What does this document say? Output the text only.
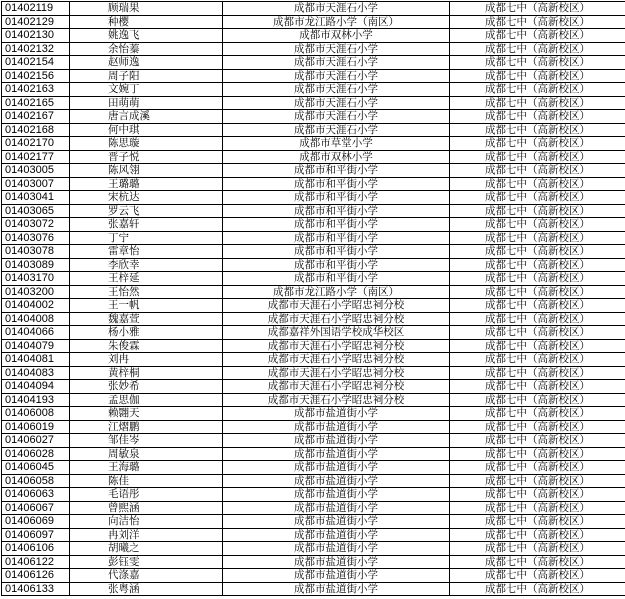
01402119	顾瑞果	成都市天涯石小学	成都七中（高新校区）
01402129	种樱	成都市龙江路小学（南区）	成都七中（高新校区）
01402130	姚逸飞	成都市双林小学	成都七中（高新校区）
01402132	余怡蓁	成都市天涯石小学	成都七中（高新校区）
01402154	赵师逸	成都市天涯石小学	成都七中（高新校区）
01402156	周子阳	成都市天涯石小学	成都七中（高新校区）
01402163	文婉丁	成都市天涯石小学	成都七中（高新校区）
01402165	田萌萌	成都市天涯石小学	成都七中（高新校区）
01402167	唐言成溪	成都市天涯石小学	成都七中（高新校区）
01402168	何中琪	成都市天涯石小学	成都七中（高新校区）
01402170	陈思璇	成都市草堂小学	成都七中（高新校区）
01402177	晋子悦	成都市双林小学	成都七中（高新校区）
01403005	陈风翎	成都市和平街小学	成都七中（高新校区）
01403007	王璐璐	成都市和平街小学	成都七中（高新校区）
01403041	宋杭达	成都市和平街小学	成都七中（高新校区）
01403065	罗云飞	成都市和平街小学	成都七中（高新校区）
01403072	张嘉轩	成都市和平街小学	成都七中（高新校区）
01403076	丁宁	成都市和平街小学	成都七中（高新校区）
01403078	雷章怡	成都市和平街小学	成都七中（高新校区）
01403089	李欣幸	成都市和平街小学	成都七中（高新校区）
01403170	王梓延	成都市和平街小学	成都七中（高新校区）
01403200	王怡然	成都市龙江路小学（南区）	成都七中（高新校区）
01404002	王一帆	成都市天涯石小学昭忠祠分校	成都七中（高新校区）
01404008	魏嘉萱	成都市天涯石小学昭忠祠分校	成都七中（高新校区）
01404066	杨小雅	成都嘉祥外国语学校成华校区	成都七中（高新校区）
01404079	朱俊霖	成都市天涯石小学昭忠祠分校	成都七中（高新校区）
01404081	刘冉	成都市天涯石小学昭忠祠分校	成都七中（高新校区）
01404083	黄梓桐	成都市天涯石小学昭忠祠分校	成都七中（高新校区）
01404094	张妙希	成都市天涯石小学昭忠祠分校	成都七中（高新校区）
01404193	孟思伽	成都市天涯石小学昭忠祠分校	成都七中（高新校区）
01406008	赖翾天	成都市盐道街小学	成都七中（高新校区）
01406019	江熠鹏	成都市盐道街小学	成都七中（高新校区）
01406027	邹佳岑	成都市盐道街小学	成都七中（高新校区）
01406028	周敏泉	成都市盐道街小学	成都七中（高新校区）
01406045	王海璐	成都市盐道街小学	成都七中（高新校区）
01406058	陈佳	成都市盐道街小学	成都七中（高新校区）
01406063	毛语彤	成都市盐道街小学	成都七中（高新校区）
01406067	曾熙涵	成都市盐道街小学	成都七中（高新校区）
01406069	向洁怡	成都市盐道街小学	成都七中（高新校区）
01406097	冉刘洋	成都市盐道街小学	成都七中（高新校区）
01406106	胡曦之	成都市盐道街小学	成都七中（高新校区）
01406122	彭钰雯	成都市盐道街小学	成都七中（高新校区）
01406126	代涤嘉	成都市盐道街小学	成都七中（高新校区）
01406133	张粤涵	成都市盐道街小学	成都七中（高新校区）
